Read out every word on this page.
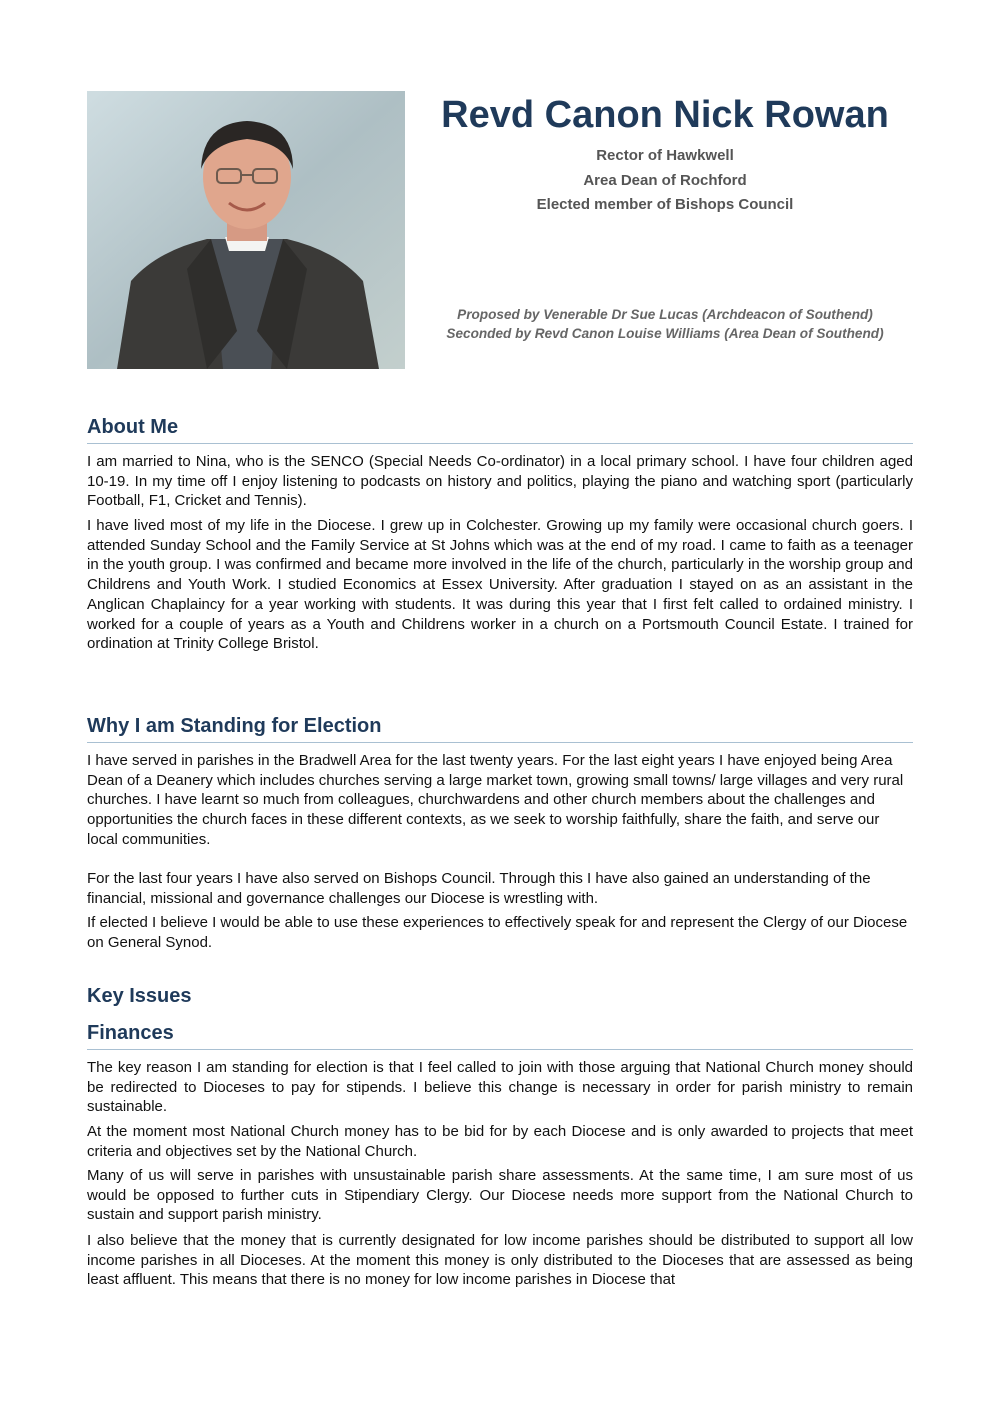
Revd Canon Nick Rowan
Rector of Hawkwell
Area Dean of Rochford
Elected member of Bishops Council
Proposed by Venerable Dr Sue Lucas (Archdeacon of Southend)
Seconded by Revd Canon Louise Williams (Area Dean of Southend)
About Me

I am married to Nina, who is the SENCO (Special Needs Co-ordinator) in a local primary school. I have four children aged 10-19. In my time off I enjoy listening to podcasts on history and politics, playing the piano and watching sport (particularly Football, F1, Cricket and Tennis).

I have lived most of my life in the Diocese. I grew up in Colchester. Growing up my family were occasional church goers. I attended Sunday School and the Family Service at St Johns which was at the end of my road. I came to faith as a teenager in the youth group. I was confirmed and became more involved in the life of the church, particularly in the worship group and Childrens and Youth Work. I studied Economics at Essex University. After graduation I stayed on as an assistant in the Anglican Chaplaincy for a year working with students. It was during this year that I first felt called to ordained ministry. I worked for a couple of years as a Youth and Childrens worker in a church on a Portsmouth Council Estate. I trained for ordination at Trinity College Bristol.

Why I am Standing for Election

I have served in parishes in the Bradwell Area for the last twenty years. For the last eight years I have enjoyed being Area Dean of a Deanery which includes churches serving a large market town, growing small towns/ large villages and very rural churches. I have learnt so much from colleagues, churchwardens and other church members about the challenges and opportunities the church faces in these different contexts, as we seek to worship faithfully, share the faith, and serve our local communities.

For the last four years I have also served on Bishops Council. Through this I have also gained an understanding of the financial, missional and governance challenges our Diocese is wrestling with.

If elected I believe I would be able to use these experiences to effectively speak for and represent the Clergy of our Diocese on General Synod.

Key Issues
Finances

The key reason I am standing for election is that I feel called to join with those arguing that National Church money should be redirected to Dioceses to pay for stipends. I believe this change is necessary in order for parish ministry to remain sustainable.

At the moment most National Church money has to be bid for by each Diocese and is only awarded to projects that meet criteria and objectives set by the National Church.

Many of us will serve in parishes with unsustainable parish share assessments. At the same time, I am sure most of us would be opposed to further cuts in Stipendiary Clergy. Our Diocese needs more support from the National Church to sustain and support parish ministry.

I also believe that the money that is currently designated for low income parishes should be distributed to support all low income parishes in all Dioceses. At the moment this money is only distributed to the Dioceses that are assessed as being least affluent. This means that there is no money for low income parishes in Diocese that
